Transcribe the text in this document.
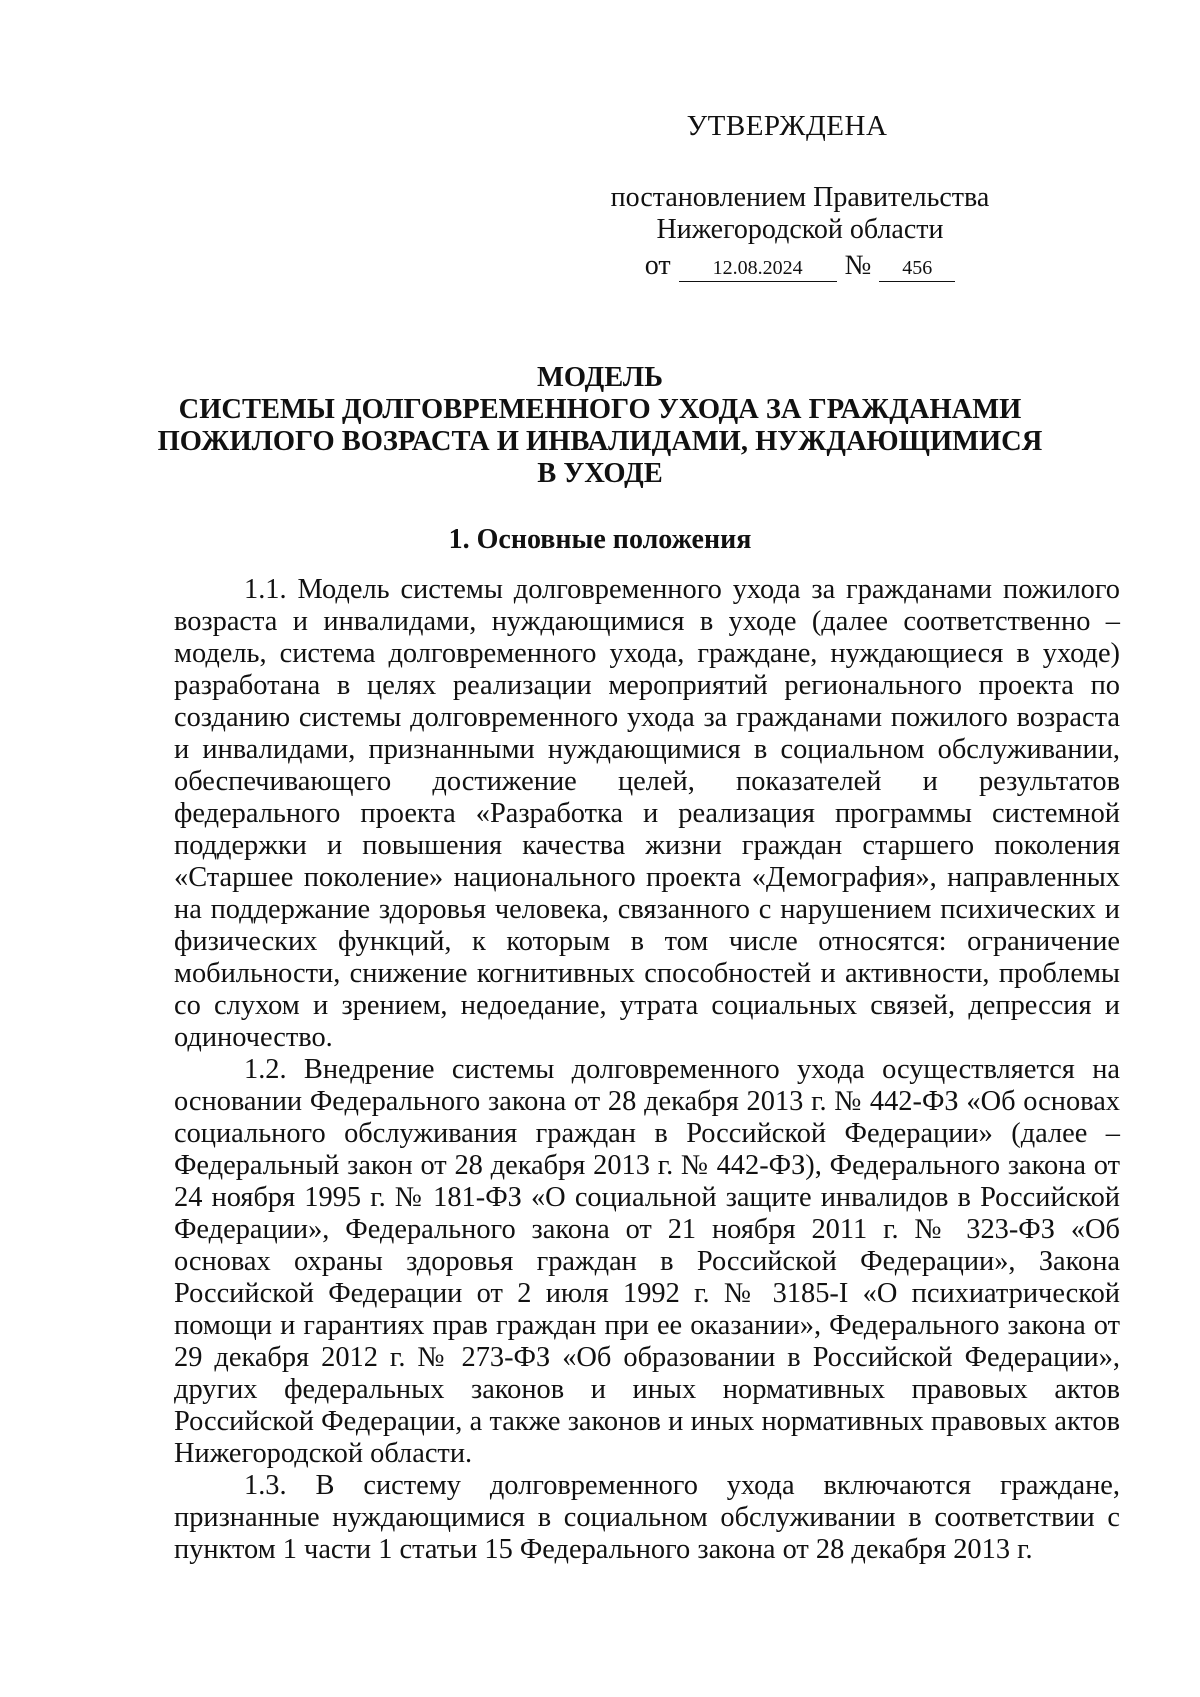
УТВЕРЖДЕНА
постановлением Правительства
Нижегородской области
от	12.08.2024	№	456
МОДЕЛЬ
СИСТЕМЫ ДОЛГОВРЕМЕННОГО УХОДА ЗА ГРАЖДАНАМИ
ПОЖИЛОГО ВОЗРАСТА И ИНВАЛИДАМИ, НУЖДАЮЩИМИСЯ
В УХОДЕ
1. Основные положения

1.1. Модель системы долговременного ухода за гражданами пожилого возраста и инвалидами, нуждающимися в уходе (далее соответственно – модель, система долговременного ухода, граждане, нуждающиеся в уходе) разработана в целях реализации мероприятий регионального проекта по созданию системы долговременного ухода за гражданами пожилого возраста и инвалидами, признанными нуждающимися в социальном обслуживании, обеспечивающего достижение целей, показателей и результатов федерального проекта «Разработка и реализация программы системной поддержки и повышения качества жизни граждан старшего поколения «Старшее поколение» национального проекта «Демография», направленных на поддержание здоровья человека, связанного с нарушением психических и физических функций, к которым в том числе относятся: ограничение мобильности, снижение когнитивных способностей и активности, проблемы со слухом и зрением, недоедание, утрата социальных связей, депрессия и одиночество.

1.2. Внедрение системы долговременного ухода осуществляется на основании Федерального закона от 28 декабря 2013 г. № 442-ФЗ «Об основах социального обслуживания граждан в Российской Федерации» (далее – Федеральный закон от 28 декабря 2013 г. № 442-ФЗ), Федерального закона от 24 ноября 1995 г. № 181-ФЗ «О социальной защите инвалидов в Российской Федерации», Федерального закона от 21 ноября 2011 г. № 323-ФЗ «Об основах охраны здоровья граждан в Российской Федерации», Закона Российской Федерации от 2 июля 1992 г. № 3185-I «О психиатрической помощи и гарантиях прав граждан при ее оказании», Федерального закона от 29 декабря 2012 г. № 273-ФЗ «Об образовании в Российской Федерации», других федеральных законов и иных нормативных правовых актов Российской Федерации, а также законов и иных нормативных правовых актов Нижегородской области.

1.3. В систему долговременного ухода включаются граждане, признанные нуждающимися в социальном обслуживании в соответствии с пунктом 1 части 1 статьи 15 Федерального закона от 28 декабря 2013 г.
